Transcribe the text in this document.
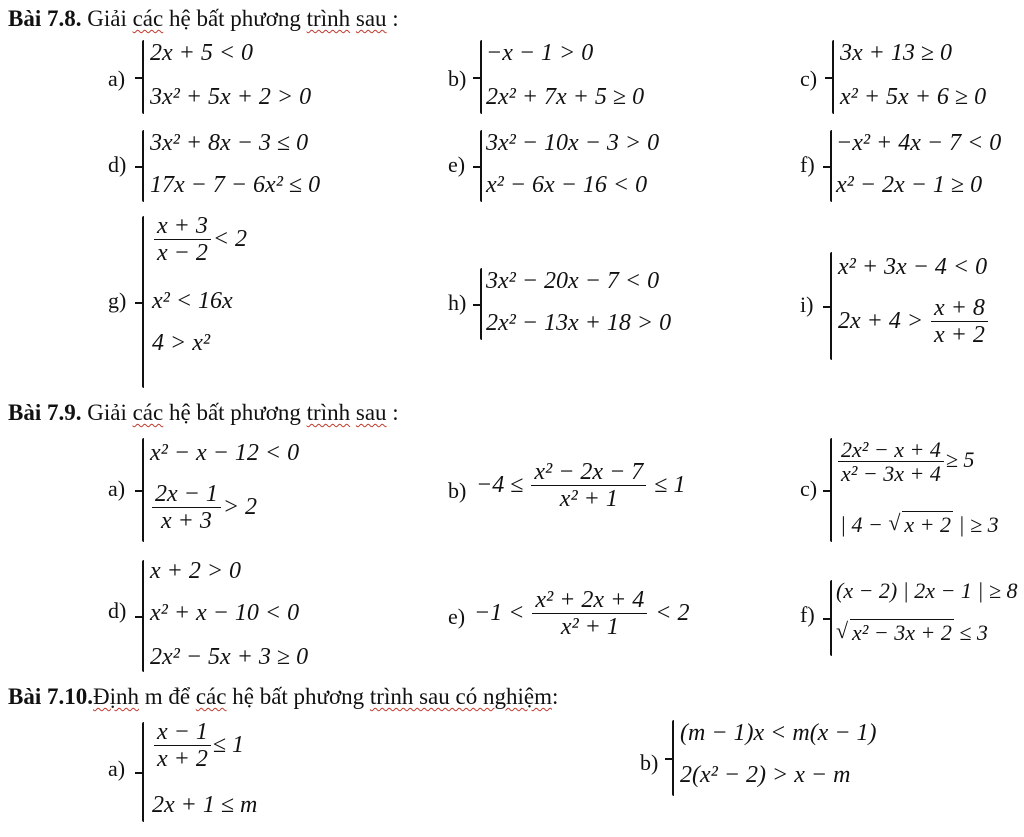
Bài 7.8. Giải các hệ bất phương trình sau :
a)
2x + 5 < 0
3x² + 5x + 2 > 0
b)
−x − 1 > 0
2x² + 7x + 5 ≥ 0
c)
3x + 13 ≥ 0
x² + 5x + 6 ≥ 0
d)
3x² + 8x − 3 ≤ 0
17x − 7 − 6x² ≤ 0
e)
3x² − 10x − 3 > 0
x² − 6x − 16 < 0
f)
−x² + 4x − 7 < 0
x² − 2x − 1 ≥ 0
g)
$\frac{x + 3}{x - 2} < 2$
x² < 16x
4 > x²
h)
3x² − 20x − 7 < 0
2x² − 13x + 18 > 0
i)
x² + 3x − 4 < 0
$2x + 4 > \frac{x + 8}{x + 2}$
Bài 7.9. Giải các hệ bất phương trình sau :
a)
x² − x − 12 < 0
$\frac{2x - 1}{x + 3} > 2$
$b) -4 \le \frac{\text{x² − 2x − 7}}{\text{x² + 1}} \le 1$	c)
$\frac{\text{2x² − x + 4}}{\text{x² − 3x + 4}} \ge 5$
| 4 − √ x + 2 | ≥ 3
d)
x + 2 > 0
x² + x − 10 < 0
2x² − 5x + 3 ≥ 0
$e) -1 < \frac{\text{x² + 2x + 4}}{\text{x² + 1}} < 2$	f)
(x − 2) | 2x − 1 | ≥ 8
√ x² − 3x + 2 ≤ 3
Bài 7.10.Định m để các hệ bất phương trình sau có nghiệm:
$a) \frac{x - 1}{x + 2} \le 1$
2x + 1 ≤ m
b)
(m − 1)x < m(x − 1)
2(x² − 2) > x − m
